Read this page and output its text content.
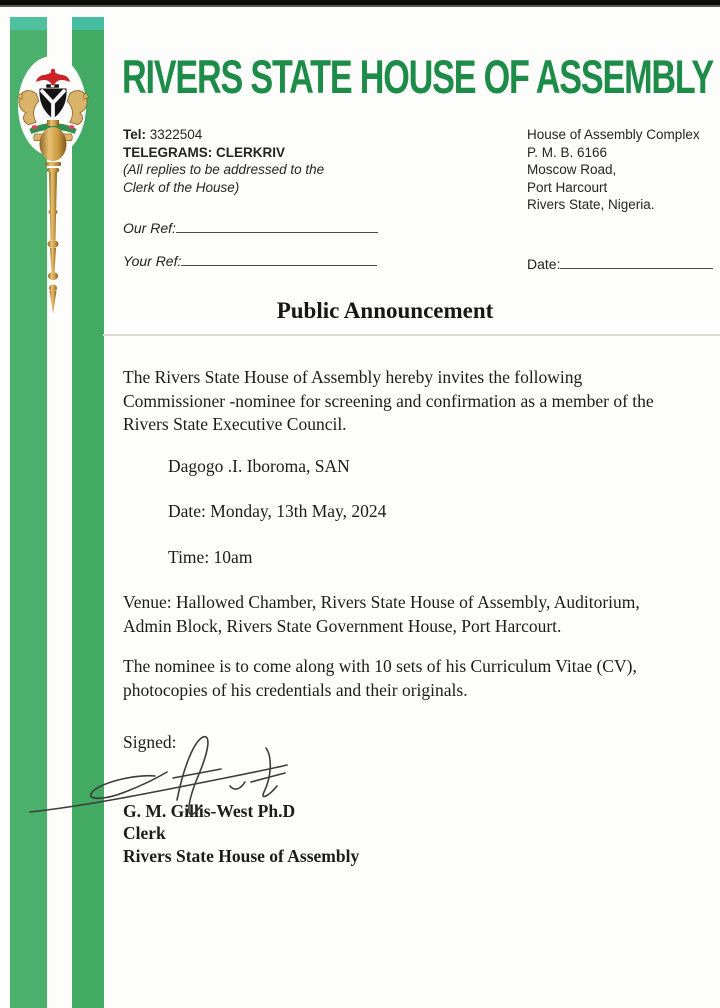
RIVERS STATE HOUSE OF ASSEMBLY
Tel: 3322504
TELEGRAMS: CLERKRIV
(All replies to be addressed to the
Clerk of the House)
House of Assembly Complex
P. M. B. 6166
Moscow Road,
Port Harcourt
Rivers State, Nigeria.
Our Ref:
Your Ref:	Date:
Public Announcement

The Rivers State House of Assembly hereby invites the following
Commissioner -nominee for screening and confirmation as a member of the
Rivers State Executive Council.

Dagogo .I. Iboroma, SAN

Date: Monday, 13th May, 2024

Time: 10am

Venue: Hallowed Chamber, Rivers State House of Assembly, Auditorium,
Admin Block, Rivers State Government House, Port Harcourt.

The nominee is to come along with 10 sets of his Curriculum Vitae (CV),
photocopies of his credentials and their originals.

Signed:

G. M. Gillis-West Ph.D
Clerk
Rivers State House of Assembly
